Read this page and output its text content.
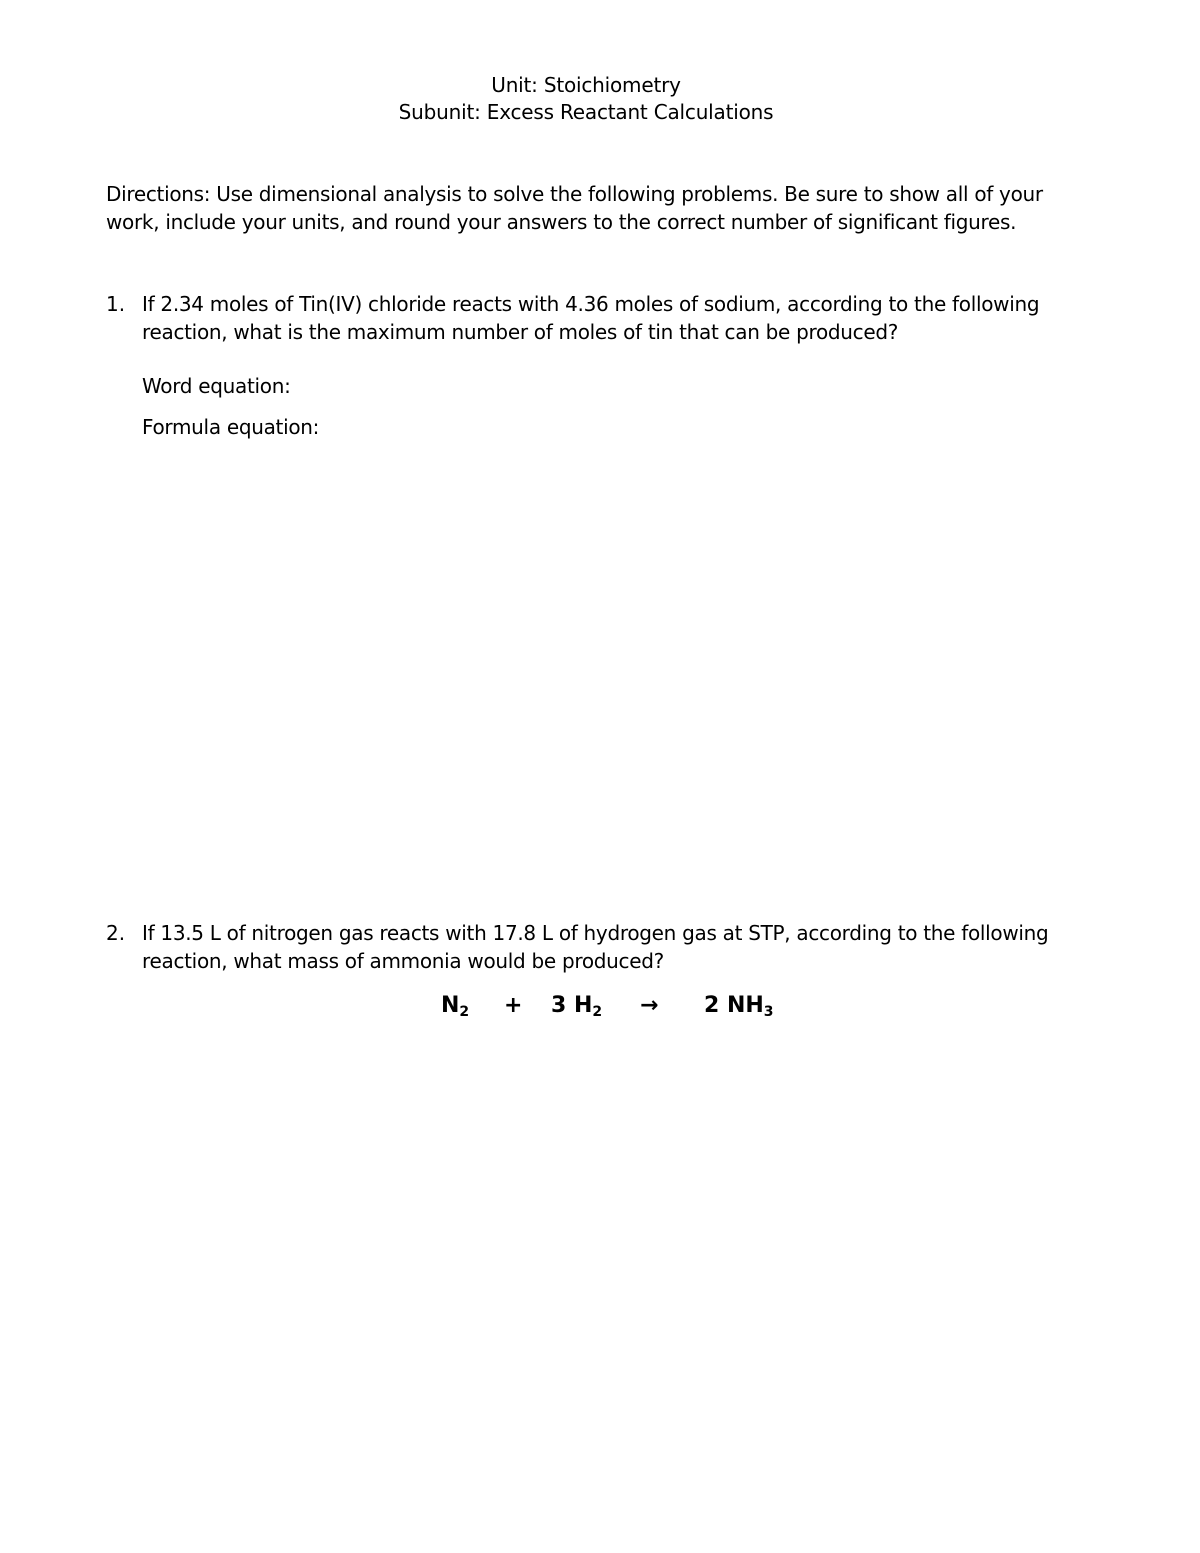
Unit: Stoichiometry
Subunit: Excess Reactant Calculations
Directions: Use dimensional analysis to solve the following problems. Be sure to show all of your work, include your units, and round your answers to the correct number of significant figures.
1. If 2.34 moles of Tin(IV) chloride reacts with 4.36 moles of sodium, according to the following reaction, what is the maximum number of moles of tin that can be produced?
Word equation:
Formula equation:
2. If 13.5 L of nitrogen gas reacts with 17.8 L of hydrogen gas at STP, according to the following reaction, what mass of ammonia would be produced?
$N_2 + 3$ $H_2 \to 2$ $NH_3$
